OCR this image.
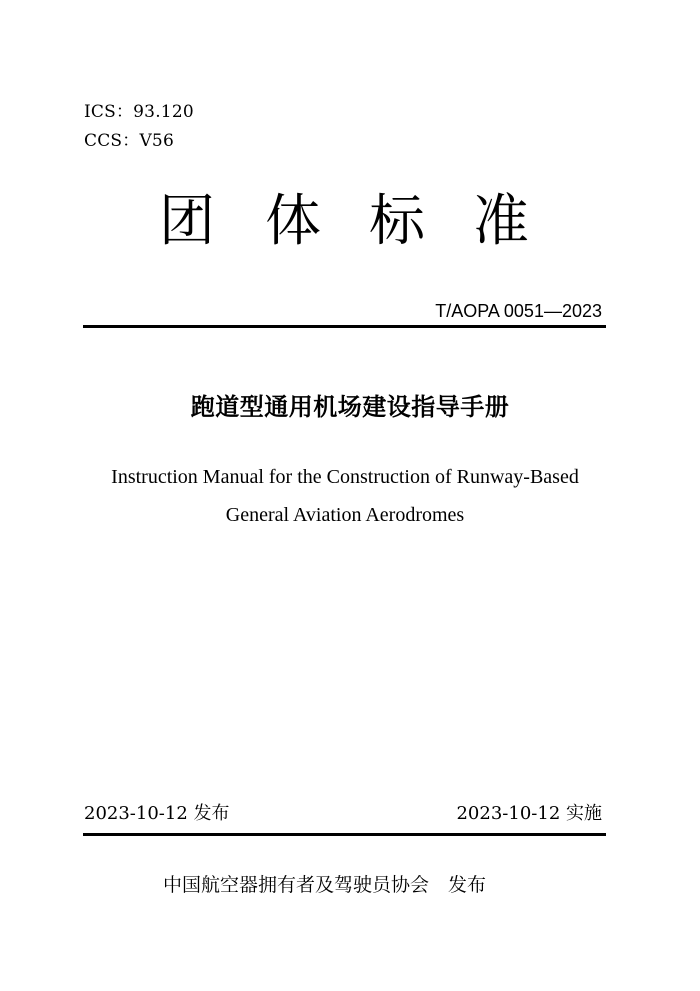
ICS：93.120
CCS：V56
团 体 标 准
T/AOPA 0051—2023
跑道型通用机场建设指导手册
Instruction Manual for the Construction of Runway-Based
General Aviation Aerodromes
2023-10-12 发布	2023-10-12 实施
中国航空器拥有者及驾驶员协会　发布
